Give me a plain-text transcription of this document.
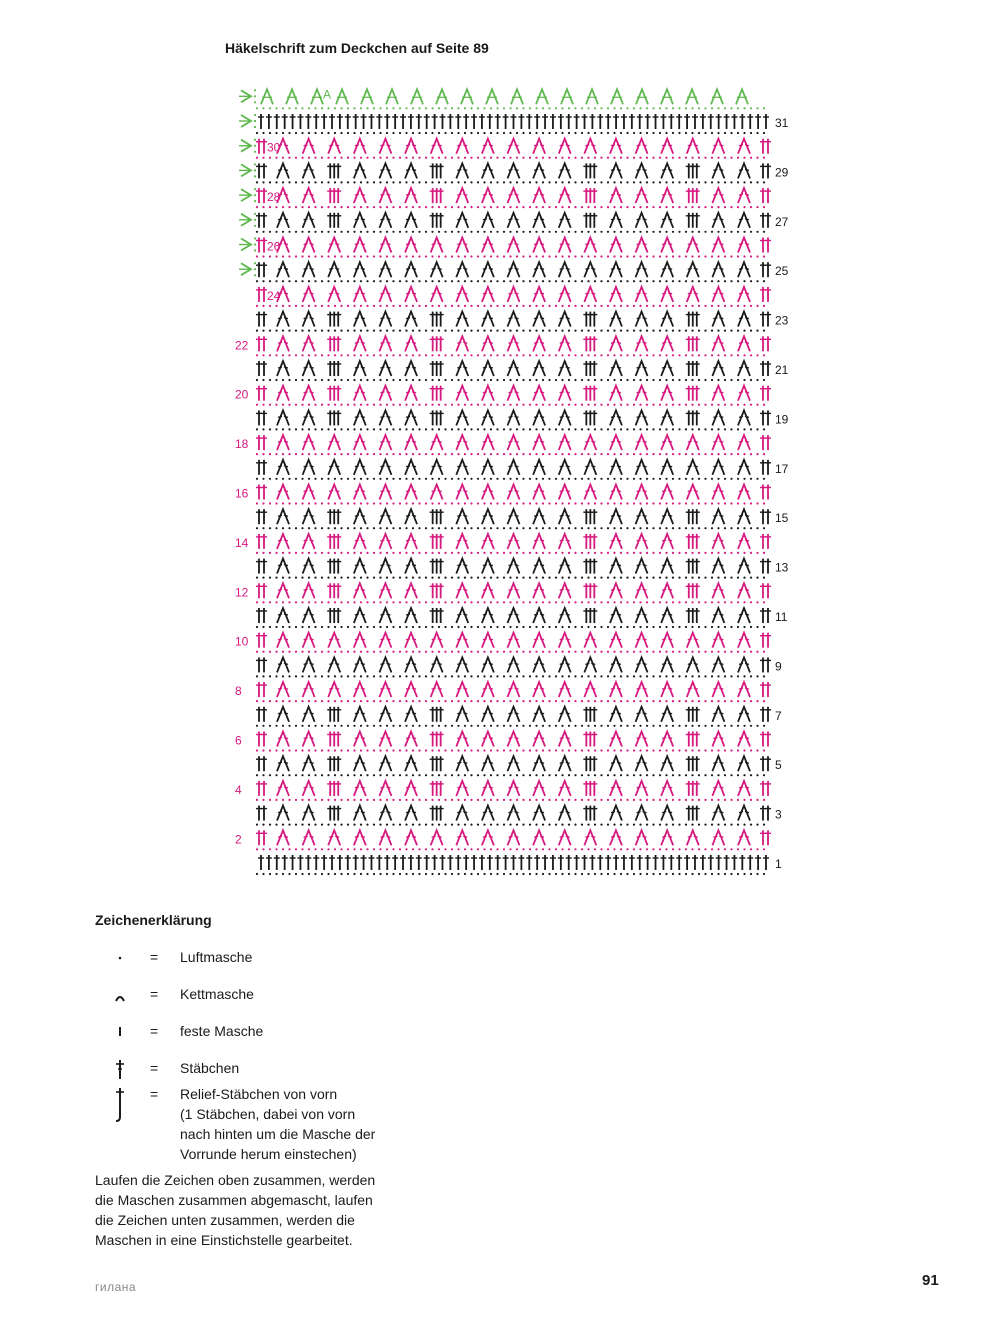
Häkelschrift zum Deckchen auf Seite 89
A
31
29
27
25
23
21
19
17
15
13
11
9
7
5
3
1
30
28
26
24
22
20
18
16
14
12
10
8
6
4
2
Zeichenerklärung
= Luftmasche
= Kettmasche
= feste Masche
= Stäbchen
= Relief-Stäbchen von vorn
(1 Stäbchen, dabei von vorn
nach hinten um die Masche der
Vorrunde herum einstechen)
Laufen die Zeichen oben zusammen, werden die Maschen zusammen abgemascht, laufen die Zeichen unten zusammen, werden die Maschen in eine Einstichstelle gearbeitet.
гилана	91
